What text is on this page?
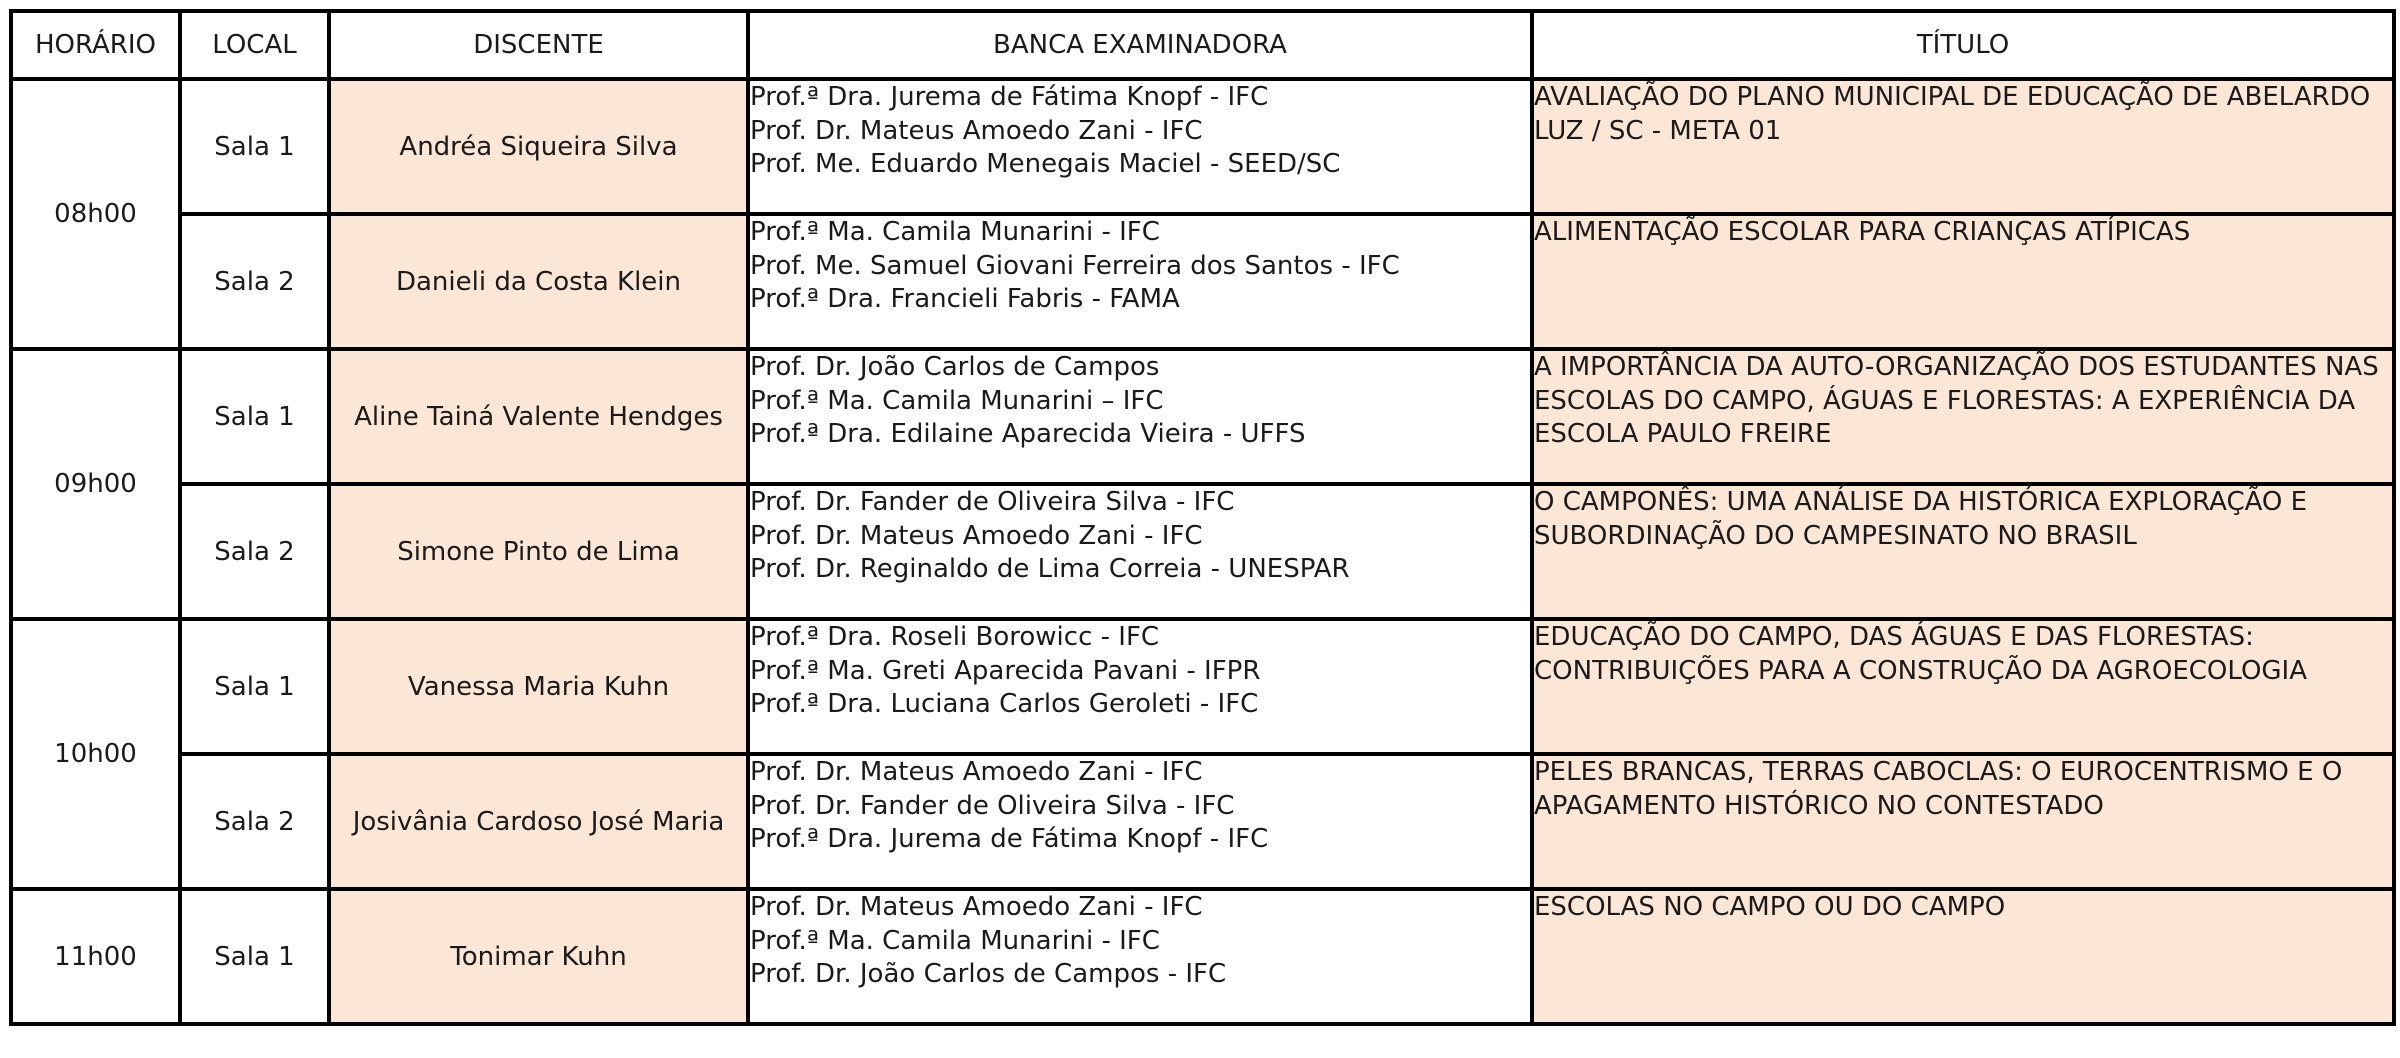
HORÁRIO	LOCAL	DISCENTE	BANCA EXAMINADORA	TÍTULO
08h00	Sala 1	Andréa Siqueira Silva	Prof.ª Dra. Jurema de Fátima Knopf - IFC
Prof. Dr. Mateus Amoedo Zani - IFC
Prof. Me. Eduardo Menegais Maciel - SEED/SC	AVALIAÇÃO DO PLANO MUNICIPAL DE EDUCAÇÃO DE ABELARDO LUZ / SC - META 01
	Sala 2	Danieli da Costa Klein	Prof.ª Ma. Camila Munarini - IFC
Prof. Me. Samuel Giovani Ferreira dos Santos - IFC
Prof.ª Dra. Francieli Fabris - FAMA	ALIMENTAÇÃO ESCOLAR PARA CRIANÇAS ATÍPICAS
09h00	Sala 1	Aline Tainá Valente Hendges	Prof. Dr. João Carlos de Campos
Prof.ª Ma. Camila Munarini – IFC
Prof.ª Dra. Edilaine Aparecida Vieira - UFFS	A IMPORTÂNCIA DA AUTO-ORGANIZAÇÃO DOS ESTUDANTES NAS ESCOLAS DO CAMPO, ÁGUAS E FLORESTAS: A EXPERIÊNCIA DA ESCOLA PAULO FREIRE
	Sala 2	Simone Pinto de Lima	Prof. Dr. Fander de Oliveira Silva - IFC
Prof. Dr. Mateus Amoedo Zani - IFC
Prof. Dr. Reginaldo de Lima Correia - UNESPAR	O CAMPONÊS: UMA ANÁLISE DA HISTÓRICA EXPLORAÇÃO E SUBORDINAÇÃO DO CAMPESINATO NO BRASIL
10h00	Sala 1	Vanessa Maria Kuhn	Prof.ª Dra. Roseli Borowicc - IFC
Prof.ª Ma. Greti Aparecida Pavani - IFPR
Prof.ª Dra. Luciana Carlos Geroleti - IFC	EDUCAÇÃO DO CAMPO, DAS ÁGUAS E DAS FLORESTAS: CONTRIBUIÇÕES PARA A CONSTRUÇÃO DA AGROECOLOGIA
	Sala 2	Josivânia Cardoso José Maria	Prof. Dr. Mateus Amoedo Zani - IFC
Prof. Dr. Fander de Oliveira Silva - IFC
Prof.ª Dra. Jurema de Fátima Knopf - IFC	PELES BRANCAS, TERRAS CABOCLAS: O EUROCENTRISMO E O APAGAMENTO HISTÓRICO NO CONTESTADO
11h00	Sala 1	Tonimar Kuhn	Prof. Dr. Mateus Amoedo Zani - IFC
Prof.ª Ma. Camila Munarini - IFC
Prof. Dr. João Carlos de Campos - IFC	ESCOLAS NO CAMPO OU DO CAMPO
